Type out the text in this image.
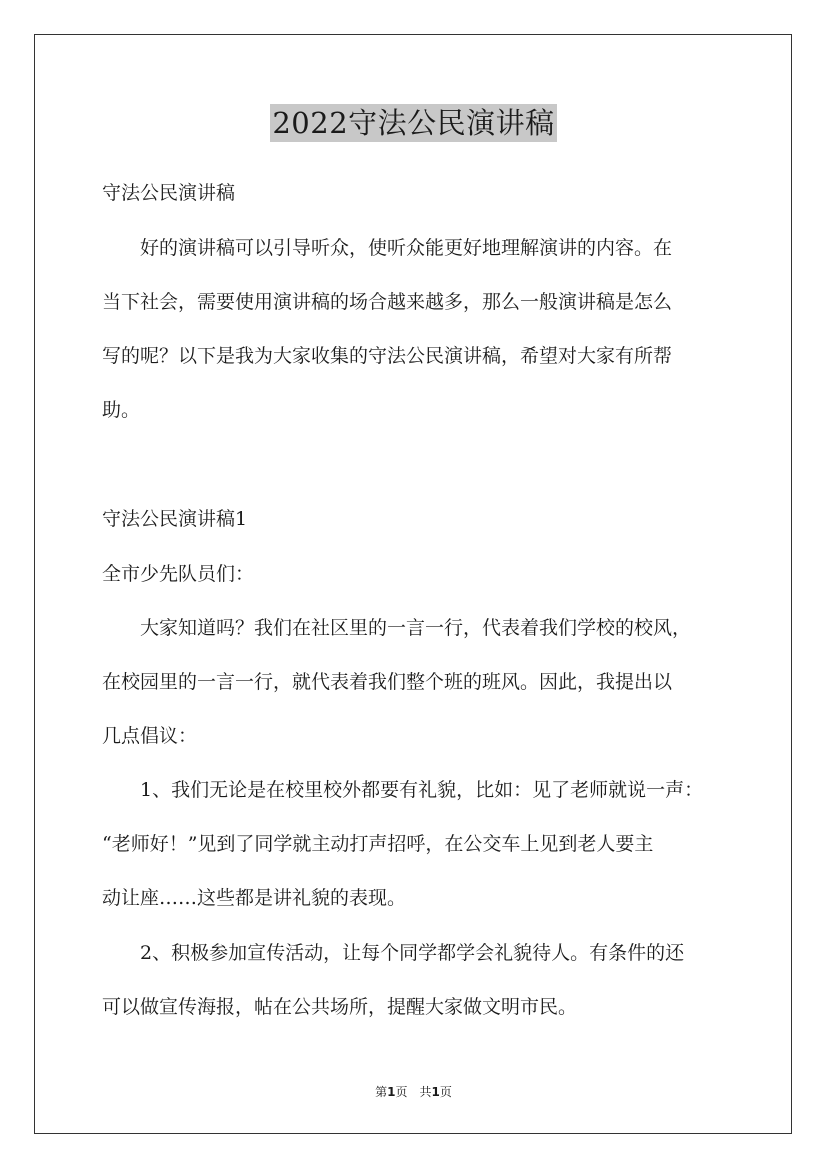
2022守法公民演讲稿
守法公民演讲稿
　　好的演讲稿可以引导听众，使听众能更好地理解演讲的内容。在
当下社会，需要使用演讲稿的场合越来越多，那么一般演讲稿是怎么
写的呢？以下是我为大家收集的守法公民演讲稿，希望对大家有所帮
助。
守法公民演讲稿1
全市少先队员们：
　　大家知道吗？我们在社区里的一言一行，代表着我们学校的校风，
在校园里的一言一行，就代表着我们整个班的班风。因此，我提出以
几点倡议：
　　1、我们无论是在校里校外都要有礼貌，比如：见了老师就说一声：
“老师好！”见到了同学就主动打声招呼，在公交车上见到老人要主
动让座……这些都是讲礼貌的表现。
　　2、积极参加宣传活动，让每个同学都学会礼貌待人。有条件的还
可以做宣传海报，帖在公共场所，提醒大家做文明市民。
第1页　共1页
